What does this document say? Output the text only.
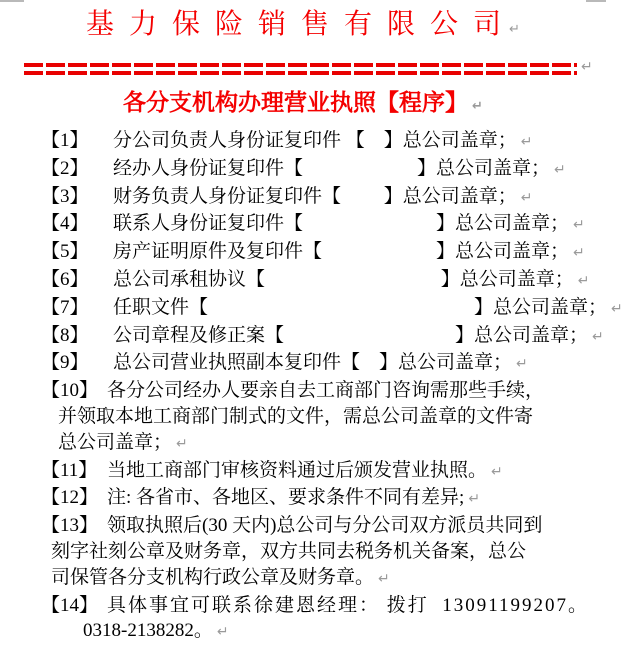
基 力 保 险 销 售 有 限 公 司 ↵
↵
各分支机构办理营业执照【程序】 ↵
【1】 分公司负责人身份证复印件 【　】总公司盖章； ↵
【2】 经办人身份证复印件【　　　　　　】总公司盖章； ↵
【3】 财务负责人身份证复印件【　　 】总公司盖章； ↵
【4】 联系人身份证复印件【　　　　　　　】总公司盖章； ↵
【5】 房产证明原件及复印件【　　　　　　】总公司盖章； ↵
【6】 总公司承租协议【　　　　　　　　　 】总公司盖章； ↵
【7】 任职文件【　　　　　　　　　　　　　　】总公司盖章； ↵
【8】 公司章程及修正案【　　　　　　　　　】总公司盖章； ↵
【9】 总公司营业执照副本复印件【　】总公司盖章； ↵
【10】 各分公司经办人要亲自去工商部门咨询需那些手续，
并领取本地工商部门制式的文件，需总公司盖章的文件寄
总公司盖章； ↵
【11】 当地工商部门审核资料通过后颁发营业执照。 ↵
【12】 注: 各省市、各地区、要求条件不同有差异; ↵
【13】 领取执照后(30 天内)总公司与分公司双方派员共同到
刻字社刻公章及财务章，双方共同去税务机关备案，总公
司保管各分支机构行政公章及财务章。 ↵
【14】 具体事宜可联系徐建恩经理： 拨打  13091199207。
0318-2138282。 ↵
